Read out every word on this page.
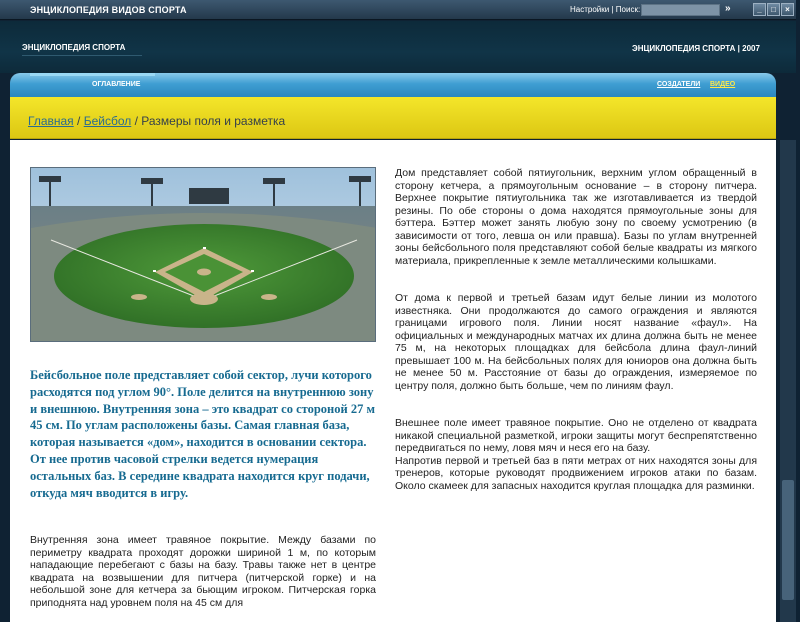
ЭНЦИКЛОПЕДИЯ ВИДОВ СПОРТА	Настройки | Поиск:	»	_ □ ×
ЭНЦИКЛОПЕДИЯ СПОРТА	ЭНЦИКЛОПЕДИЯ СПОРТА | 2007
ОГЛАВЛЕНИЕ	СОЗДАТЕЛИ ВИДЕО
Главная / Бейсбол / Размеры поля и разметка
Бейсбольное поле представляет собой сектор, лучи которого расходятся под углом 90°. Поле делится на внутреннюю зону и внешнюю. Внутренняя зона – это квадрат со стороной 27 м 45 см. По углам расположены базы. Самая главная база, которая называется «дом», находится в основании сектора. От нее против часовой стрелки ведется нумерация остальных баз. В середине квадрата находится круг подачи, откуда мяч вводится в игру.
Внутренняя зона имеет травяное покрытие. Между базами по периметру квадрата проходят дорожки шириной 1 м, по которым нападающие перебегают с базы на базу. Травы также нет в центре квадрата на возвышении для питчера (питчерской горке) и на небольшой зоне для кетчера за бьющим игроком. Питчерская горка приподнята над уровнем поля на 45 см для

Дом представляет собой пятиугольник, верхним углом обращенный в сторону кетчера, а прямоугольным основание – в сторону питчера. Верхнее покрытие пятиугольника так же изготавливается из твердой резины. По обе стороны о дома находятся прямоугольные зоны для бэттера. Бэттер может занять любую зону по своему усмотрению (в зависимости от того, левша он или правша). Базы по углам внутренней зоны бейсбольного поля представляют собой белые квадраты из мягкого материала, прикрепленные к земле металлическими колышками.

От дома к первой и третьей базам идут белые линии из молотого известняка. Они продолжаются до самого ограждения и являются границами игрового поля. Линии носят название «фаул». На официальных и международных матчах их длина должна быть не менее 75 м, на некоторых площадках для бейсбола длина фаул-линий превышает 100 м. На бейсбольных полях для юниоров она должна быть не менее 50 м. Расстояние от базы до ограждения, измеряемое по центру поля, должно быть больше, чем по линиям фаул.

Внешнее поле имеет травяное покрытие. Оно не отделено от квадрата никакой специальной разметкой, игроки защиты могут беспрепятственно передвигаться по нему, ловя мяч и неся его на базу.

Напротив первой и третьей баз в пяти метрах от них находятся зоны для тренеров, которые руководят продвижением игроков атаки по базам. Около скамеек для запасных находится круглая площадка для разминки.
